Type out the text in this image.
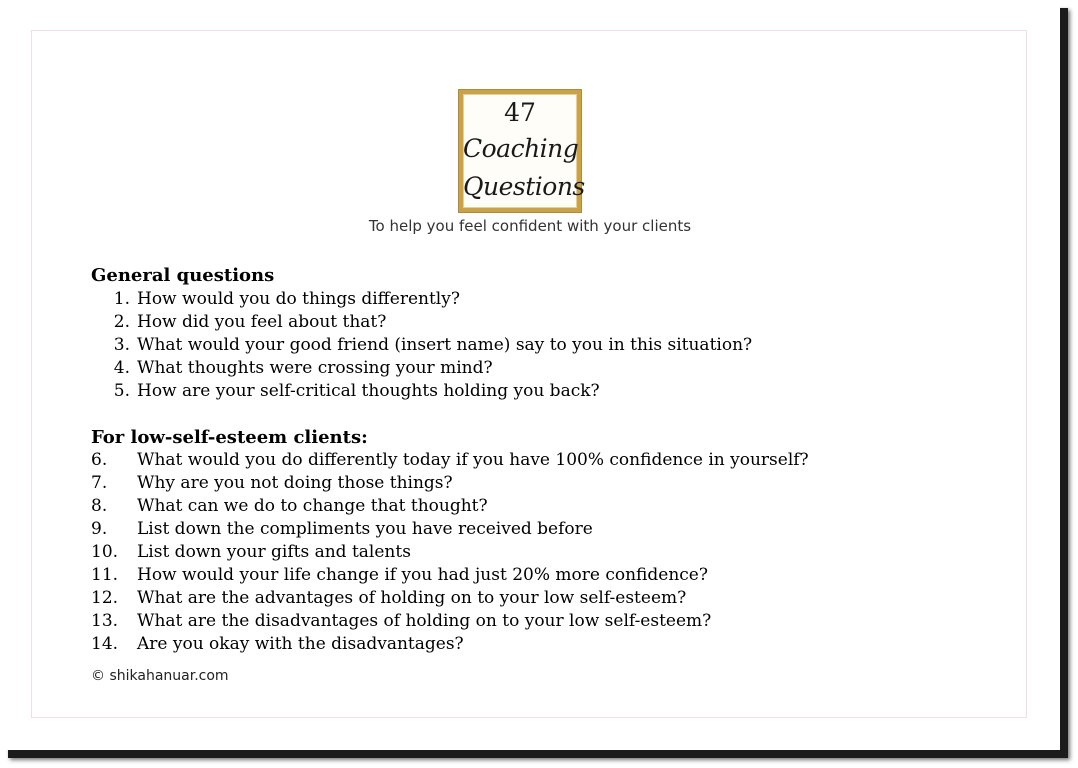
47
Coaching
Questions
To help you feel confident with your clients
General questions
1. How would you do things differently?
2. How did you feel about that?
3. What would your good friend (insert name) say to you in this situation?
4. What thoughts were crossing your mind?
5. How are your self-critical thoughts holding you back?
For low-self-esteem clients:
6.	What would you do differently today if you have 100% confidence in yourself?
7.	Why are you not doing those things?
8.	What can we do to change that thought?
9.	List down the compliments you have received before
10.	List down your gifts and talents
11.	How would your life change if you had just 20% more confidence?
12.	What are the advantages of holding on to your low self-esteem?
13.	What are the disadvantages of holding on to your low self-esteem?
14.	Are you okay with the disadvantages?
© shikahanuar.com
